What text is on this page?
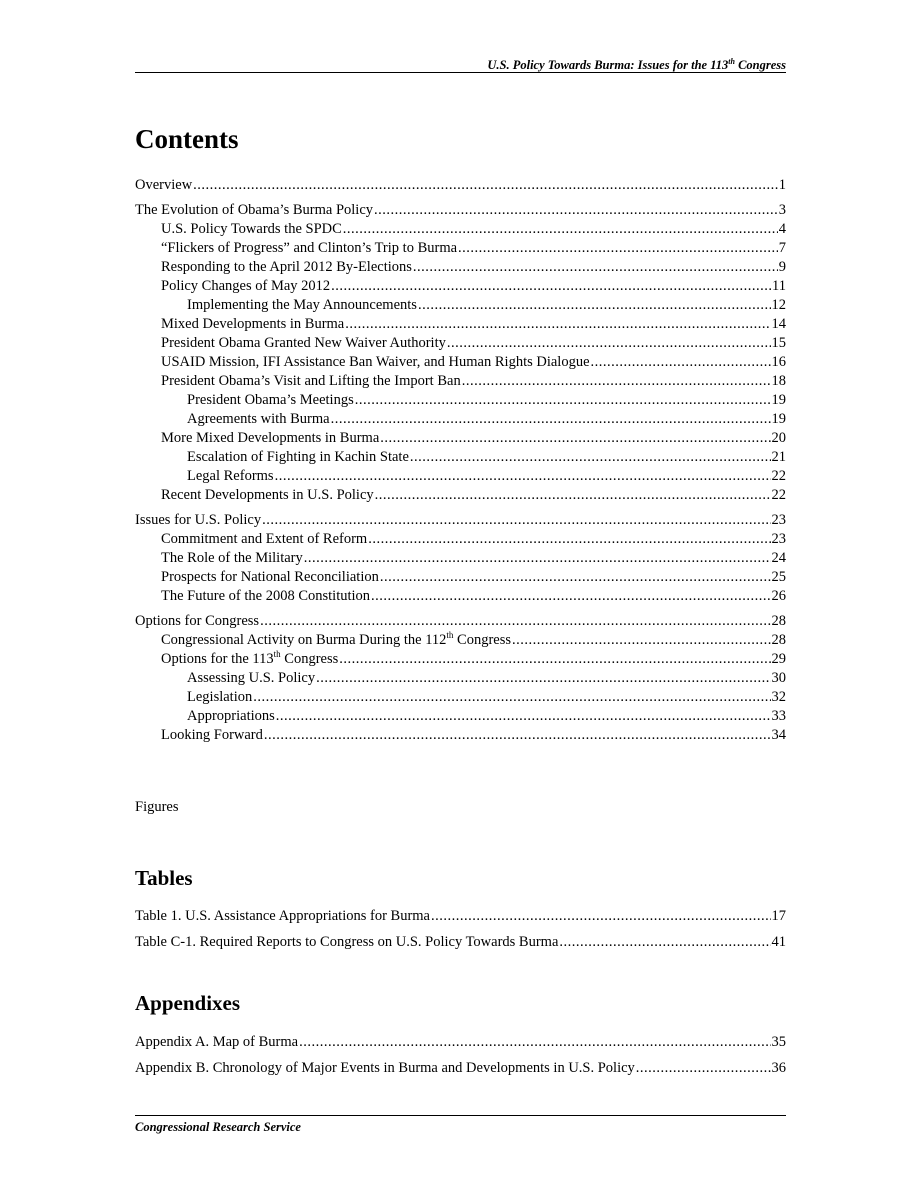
U.S. Policy Towards Burma: Issues for the 113th Congress
Contents
Overview .....	1
The Evolution of Obama’s Burma Policy .....	3
U.S. Policy Towards the SPDC .....	4
“Flickers of Progress” and Clinton’s Trip to Burma .....	7
Responding to the April 2012 By-Elections .....	9
Policy Changes of May 2012 .....	11
Implementing the May Announcements .....	12
Mixed Developments in Burma .....	14
President Obama Granted New Waiver Authority .....	15
USAID Mission, IFI Assistance Ban Waiver, and Human Rights Dialogue .....	16
President Obama’s Visit and Lifting the Import Ban .....	18
President Obama’s Meetings .....	19
Agreements with Burma .....	19
More Mixed Developments in Burma .....	20
Escalation of Fighting in Kachin State .....	21
Legal Reforms .....	22
Recent Developments in U.S. Policy .....	22
Issues for U.S. Policy .....	23
Commitment and Extent of Reform .....	23
The Role of the Military .....	24
Prospects for National Reconciliation .....	25
The Future of the 2008 Constitution .....	26
Options for Congress .....	28
Congressional Activity on Burma During the 112th Congress .....	28
Options for the 113th Congress .....	29
Assessing U.S. Policy .....	30
Legislation .....	32
Appropriations .....	33
Looking Forward .....	34
Figures
Tables
Table 1. U.S. Assistance Appropriations for Burma .....	17
Table C-1. Required Reports to Congress on U.S. Policy Towards Burma .....	41
Appendixes
Appendix A. Map of Burma .....	35
Appendix B. Chronology of Major Events in Burma and Developments in U.S. Policy .....	36
Congressional Research Service
